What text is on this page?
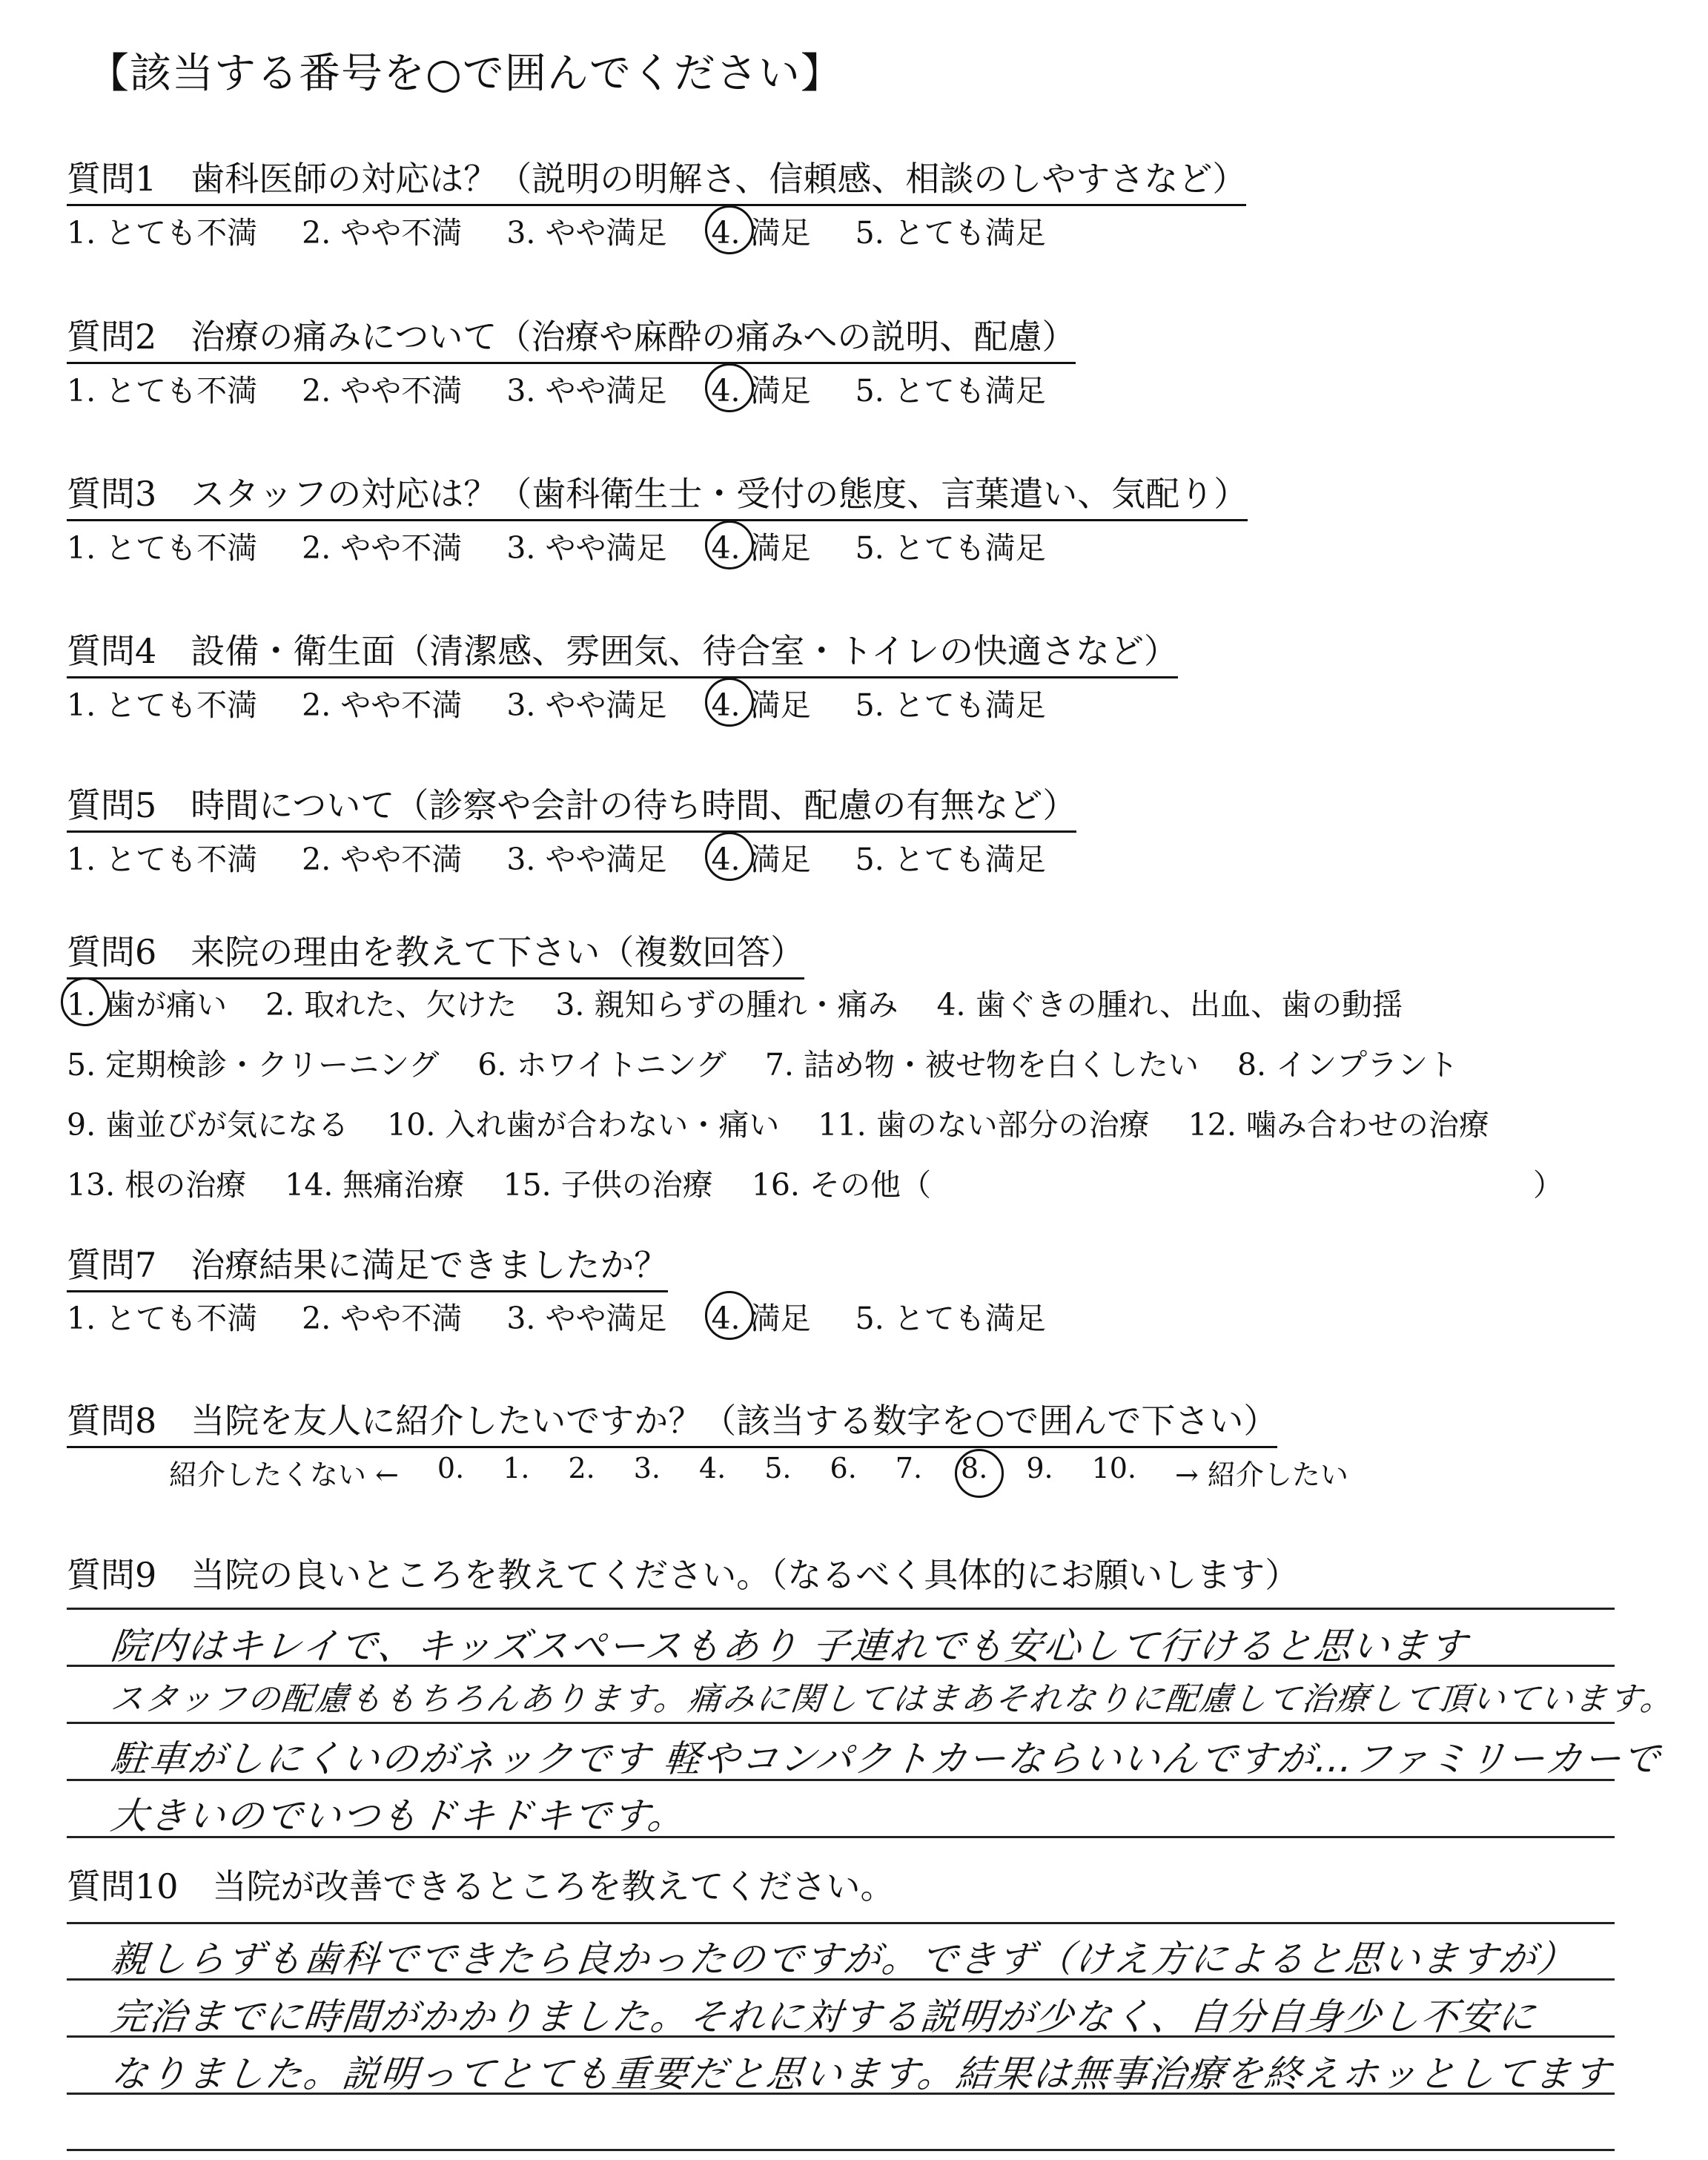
【該当する番号を○で囲んでください】
質問1　歯科医師の対応は？（説明の明解さ、信頼感、相談のしやすさなど）
1. とても不満 2. やや不満 3. やや満足 4. 満足 5. とても満足
質問2　治療の痛みについて（治療や麻酔の痛みへの説明、配慮）
1. とても不満 2. やや不満 3. やや満足 4. 満足 5. とても満足
質問3　スタッフの対応は？（歯科衛生士・受付の態度、言葉遣い、気配り）
1. とても不満 2. やや不満 3. やや満足 4. 満足 5. とても満足
質問4　設備・衛生面（清潔感、雰囲気、待合室・トイレの快適さなど）
1. とても不満 2. やや不満 3. やや満足 4. 満足 5. とても満足
質問5　時間について（診察や会計の待ち時間、配慮の有無など）
1. とても不満 2. やや不満 3. やや満足 4. 満足 5. とても満足
質問6　来院の理由を教えて下さい（複数回答）
1. 歯が痛い 2. 取れた、欠けた 3. 親知らずの腫れ・痛み 4. 歯ぐきの腫れ、出血、歯の動揺
5. 定期検診・クリーニング 6. ホワイトニング 7. 詰め物・被せ物を白くしたい 8. インプラント
9. 歯並びが気になる 10. 入れ歯が合わない・痛い 11. 歯のない部分の治療 12. 噛み合わせの治療
13. 根の治療 14. 無痛治療 15. 子供の治療 16. その他（	）
質問7　治療結果に満足できましたか？
1. とても不満 2. やや不満 3. やや満足 4. 満足 5. とても満足
質問8　当院を友人に紹介したいですか？（該当する数字を○で囲んで下さい）
紹介したくない ← 0. 1. 2. 3. 4. 5. 6. 7. 8. 9. 10. → 紹介したい
質問9　当院の良いところを教えてください。（なるべく具体的にお願いします）
院内はキレイで、キッズスペースもあり 子連れでも安心して行けると思います
スタッフの配慮ももちろんあります。痛みに関してはまあそれなりに配慮して治療して頂いています。
駐車がしにくいのがネックです 軽やコンパクトカーならいいんですが…ファミリーカーで
大きいのでいつもドキドキです。
質問10　当院が改善できるところを教えてください。
親しらずも歯科でできたら良かったのですが。できず（けえ方によると思いますが）
完治までに時間がかかりました。それに対する説明が少なく、自分自身少し不安に
なりました。説明ってとても重要だと思います。結果は無事治療を終えホッとしてます
